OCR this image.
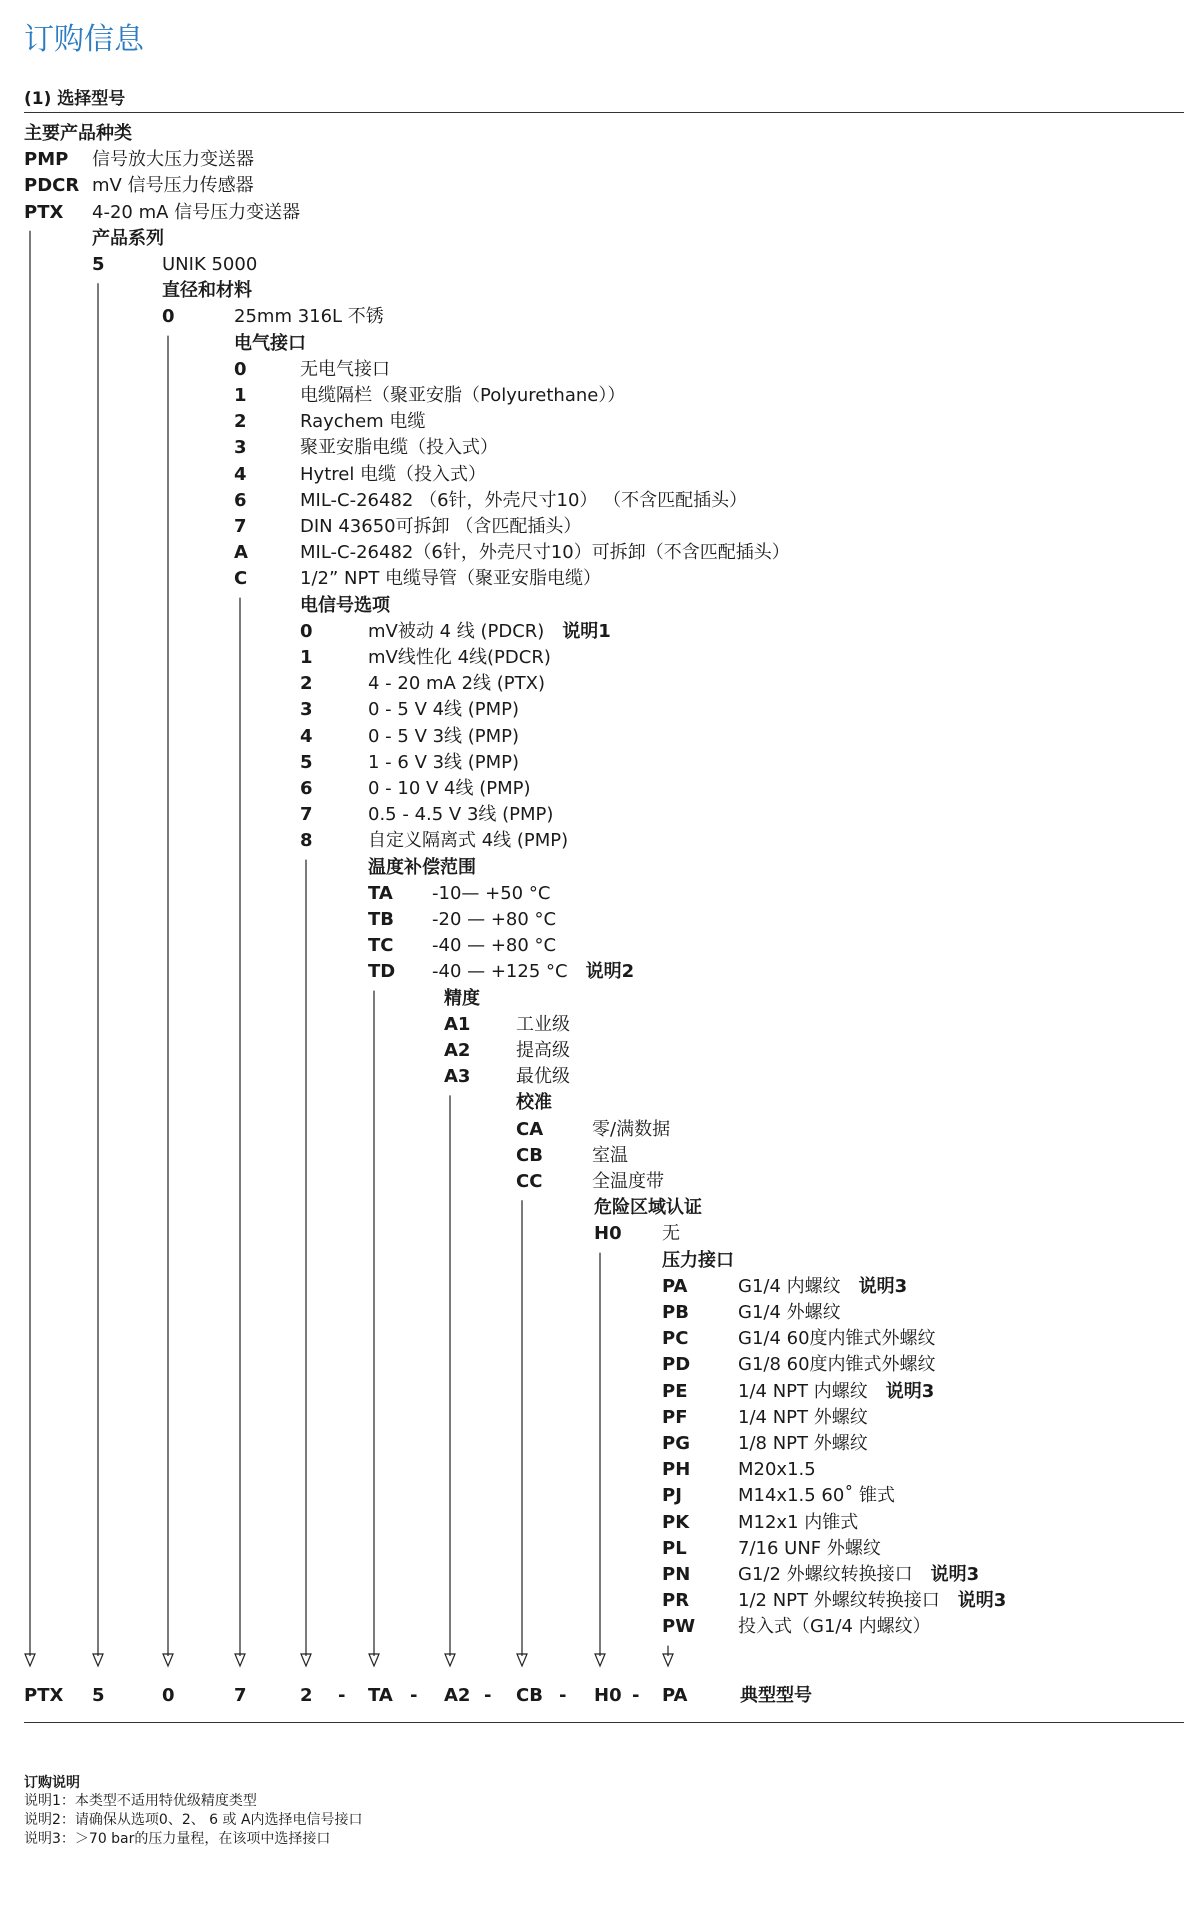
订购信息
(1) 选择型号
主要产品种类
PMP 信号放大压力变送器
PDCR mV 信号压力传感器
PTX 4-20 mA 信号压力变送器
产品系列
5	UNIK 5000
直径和材料
0	25mm 316L 不锈
电气接口
0	无电气接口
1	电缆隔栏（聚亚安脂（Polyurethane））
2	Raychem 电缆
3	聚亚安脂电缆（投入式）
4	Hytrel 电缆（投入式）
6	MIL-C-26482 （6针，外壳尺寸10） （不含匹配插头）
7	DIN 43650可拆卸 （含匹配插头）
A	MIL-C-26482（6针，外壳尺寸10）可拆卸（不含匹配插头）
C	1/2” NPT 电缆导管（聚亚安脂电缆）
电信号选项
0	mV被动 4 线 (PDCR) 说明1
1	mV线性化 4线(PDCR)
2	4 - 20 mA 2线 (PTX)
3	0 - 5 V 4线 (PMP)
4	0 - 5 V 3线 (PMP)
5	1 - 6 V 3线 (PMP)
6	0 - 10 V 4线 (PMP)
7	0.5 - 4.5 V 3线 (PMP)
8	自定义隔离式 4线 (PMP)
温度补偿范围
TA -10— +50 °C
TB -20 — +80 °C
TC -40 — +80 °C
TD -40 — +125 °C 说明2
精度
A1	工业级
A2	提高级
A3	最优级
校准
CA	零/满数据
CB	室温
CC	全温度带
危险区域认证
H0 无
压力接口
PA	G1/4 内螺纹 说明3
PB	G1/4 外螺纹
PC	G1/4 60度内锥式外螺纹
PD	G1/8 60度内锥式外螺纹
PE	1/4 NPT 内螺纹 说明3
PF	1/4 NPT 外螺纹
PG	1/8 NPT 外螺纹
PH	M20x1.5
PJ	M14x1.5 60˚ 锥式
PK	M12x1 内锥式
PL	7/16 UNF 外螺纹
PN	G1/2 外螺纹转换接口 说明3
PR	1/2 NPT 外螺纹转换接口 说明3
PW 投入式（G1/4 内螺纹）
PTX 5	0	7	2 - TA - A2 - CB - H0 - PA	典型型号
订购说明
说明1：本类型不适用特优级精度类型
说明2：请确保从选项0、2、 6 或 A内选择电信号接口
说明3：＞70 bar的压力量程，在该项中选择接口
